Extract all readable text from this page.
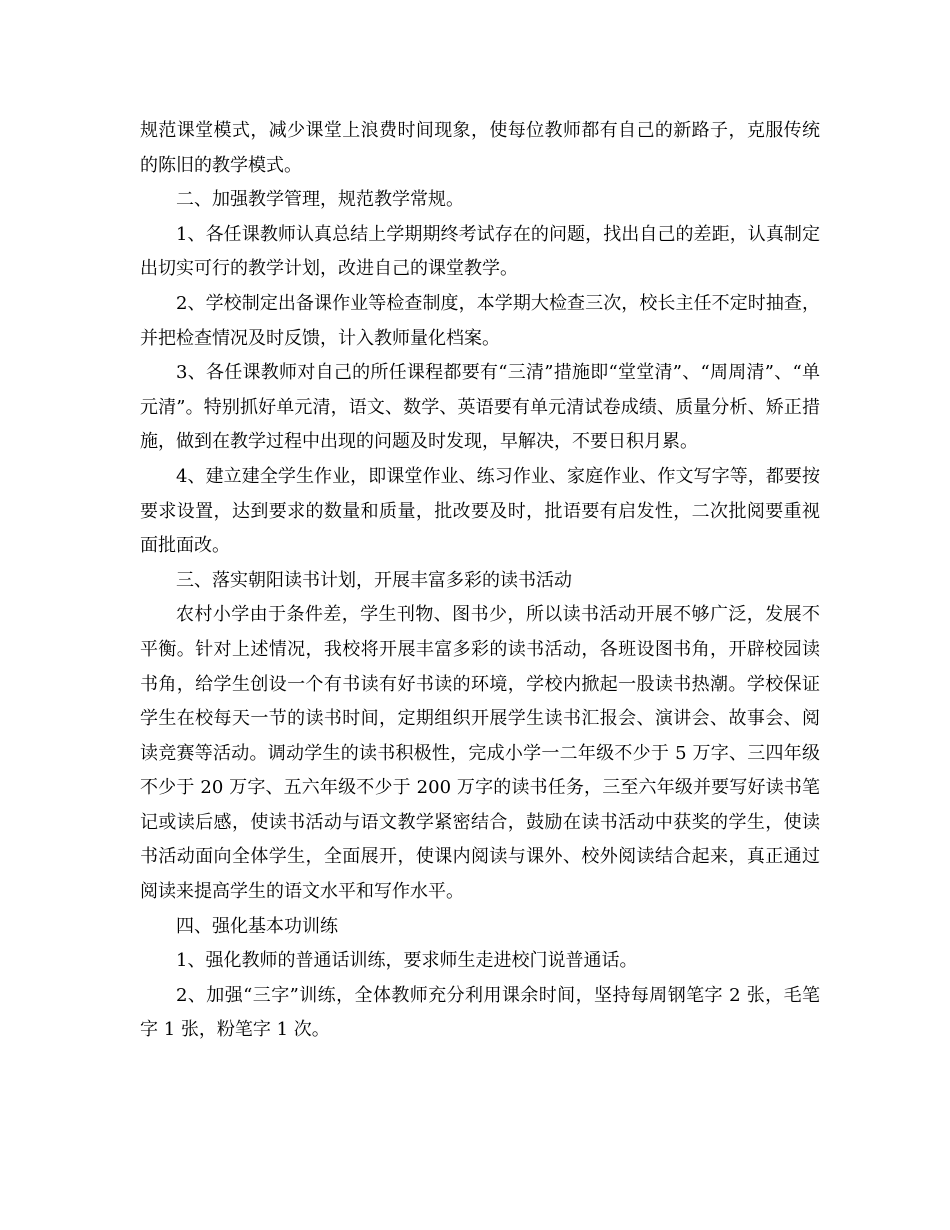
规范课堂模式，减少课堂上浪费时间现象，使每位教师都有自己的新路子，克服传统的陈旧的教学模式。

二、加强教学管理，规范教学常规。

1、各任课教师认真总结上学期期终考试存在的问题，找出自己的差距，认真制定出切实可行的教学计划，改进自己的课堂教学。

2、学校制定出备课作业等检查制度，本学期大检查三次，校长主任不定时抽查，并把检查情况及时反馈，计入教师量化档案。

3、各任课教师对自己的所任课程都要有“三清”措施即“堂堂清”、“周周清”、“单元清”。特别抓好单元清，语文、数学、英语要有单元清试卷成绩、质量分析、矫正措施，做到在教学过程中出现的问题及时发现，早解决，不要日积月累。

4、建立建全学生作业，即课堂作业、练习作业、家庭作业、作文写字等，都要按要求设置，达到要求的数量和质量，批改要及时，批语要有启发性，二次批阅要重视面批面改。

三、落实朝阳读书计划，开展丰富多彩的读书活动

农村小学由于条件差，学生刊物、图书少，所以读书活动开展不够广泛，发展不平衡。针对上述情况，我校将开展丰富多彩的读书活动，各班设图书角，开辟校园读书角，给学生创设一个有书读有好书读的环境，学校内掀起一股读书热潮。学校保证学生在校每天一节的读书时间，定期组织开展学生读书汇报会、演讲会、故事会、阅读竞赛等活动。调动学生的读书积极性，完成小学一二年级不少于 5 万字、三四年级不少于 20 万字、五六年级不少于 200 万字的读书任务，三至六年级并要写好读书笔记或读后感，使读书活动与语文教学紧密结合，鼓励在读书活动中获奖的学生，使读书活动面向全体学生，全面展开，使课内阅读与课外、校外阅读结合起来，真正通过阅读来提高学生的语文水平和写作水平。

四、强化基本功训练

1、强化教师的普通话训练，要求师生走进校门说普通话。

2、加强“三字”训练，全体教师充分利用课余时间，坚持每周钢笔字 2 张，毛笔字 1 张，粉笔字 1 次。
